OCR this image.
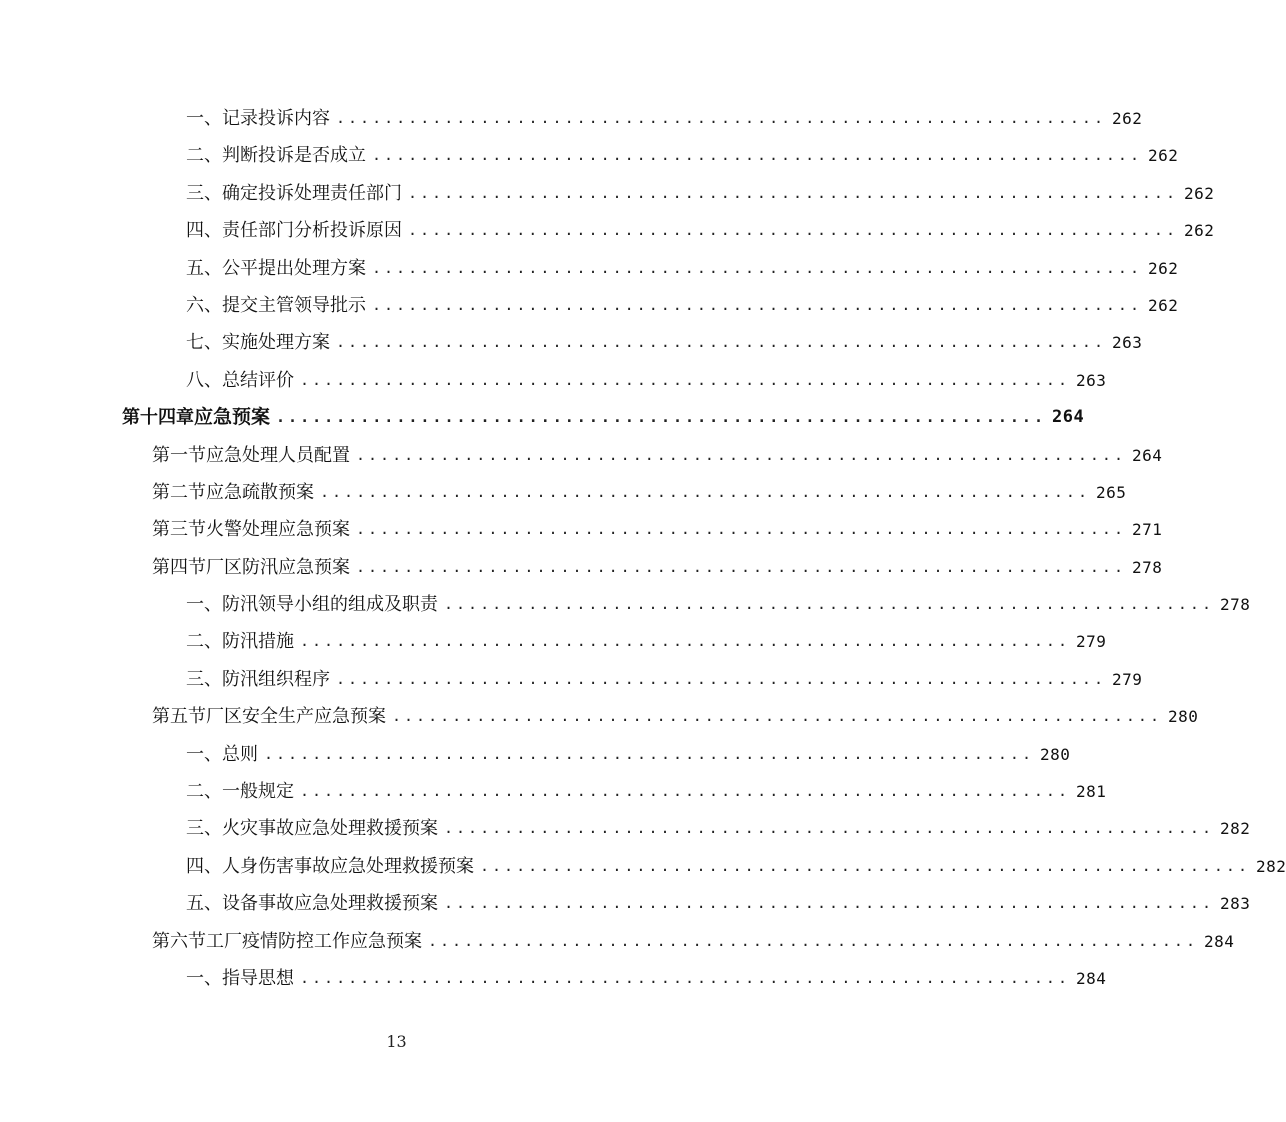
一、记录投诉内容 ................................................................ 262
二、判断投诉是否成立 ................................................................ 262
三、确定投诉处理责任部门 ................................................................ 262
四、责任部门分析投诉原因 ................................................................ 262
五、公平提出处理方案 ................................................................ 262
六、提交主管领导批示 ................................................................ 262
七、实施处理方案 ................................................................ 263
八、总结评价 ................................................................ 263
第十四章 应急预案 ................................................................ 264
第一节 应急处理人员配置 ................................................................ 264
第二节 应急疏散预案 ................................................................ 265
第三节 火警处理应急预案 ................................................................ 271
第四节 厂区防汛应急预案 ................................................................ 278
一、防汛领导小组的组成及职责 ................................................................ 278
二、防汛措施 ................................................................ 279
三、防汛组织程序 ................................................................ 279
第五节 厂区安全生产应急预案 ................................................................ 280
一、总则 ................................................................ 280
二、一般规定 ................................................................ 281
三、火灾事故应急处理救援预案 ................................................................ 282
四、人身伤害事故应急处理救援预案 ................................................................ 282
五、设备事故应急处理救援预案 ................................................................ 283
第六节 工厂疫情防控工作应急预案 ................................................................ 284
一、指导思想 ................................................................ 284
13
